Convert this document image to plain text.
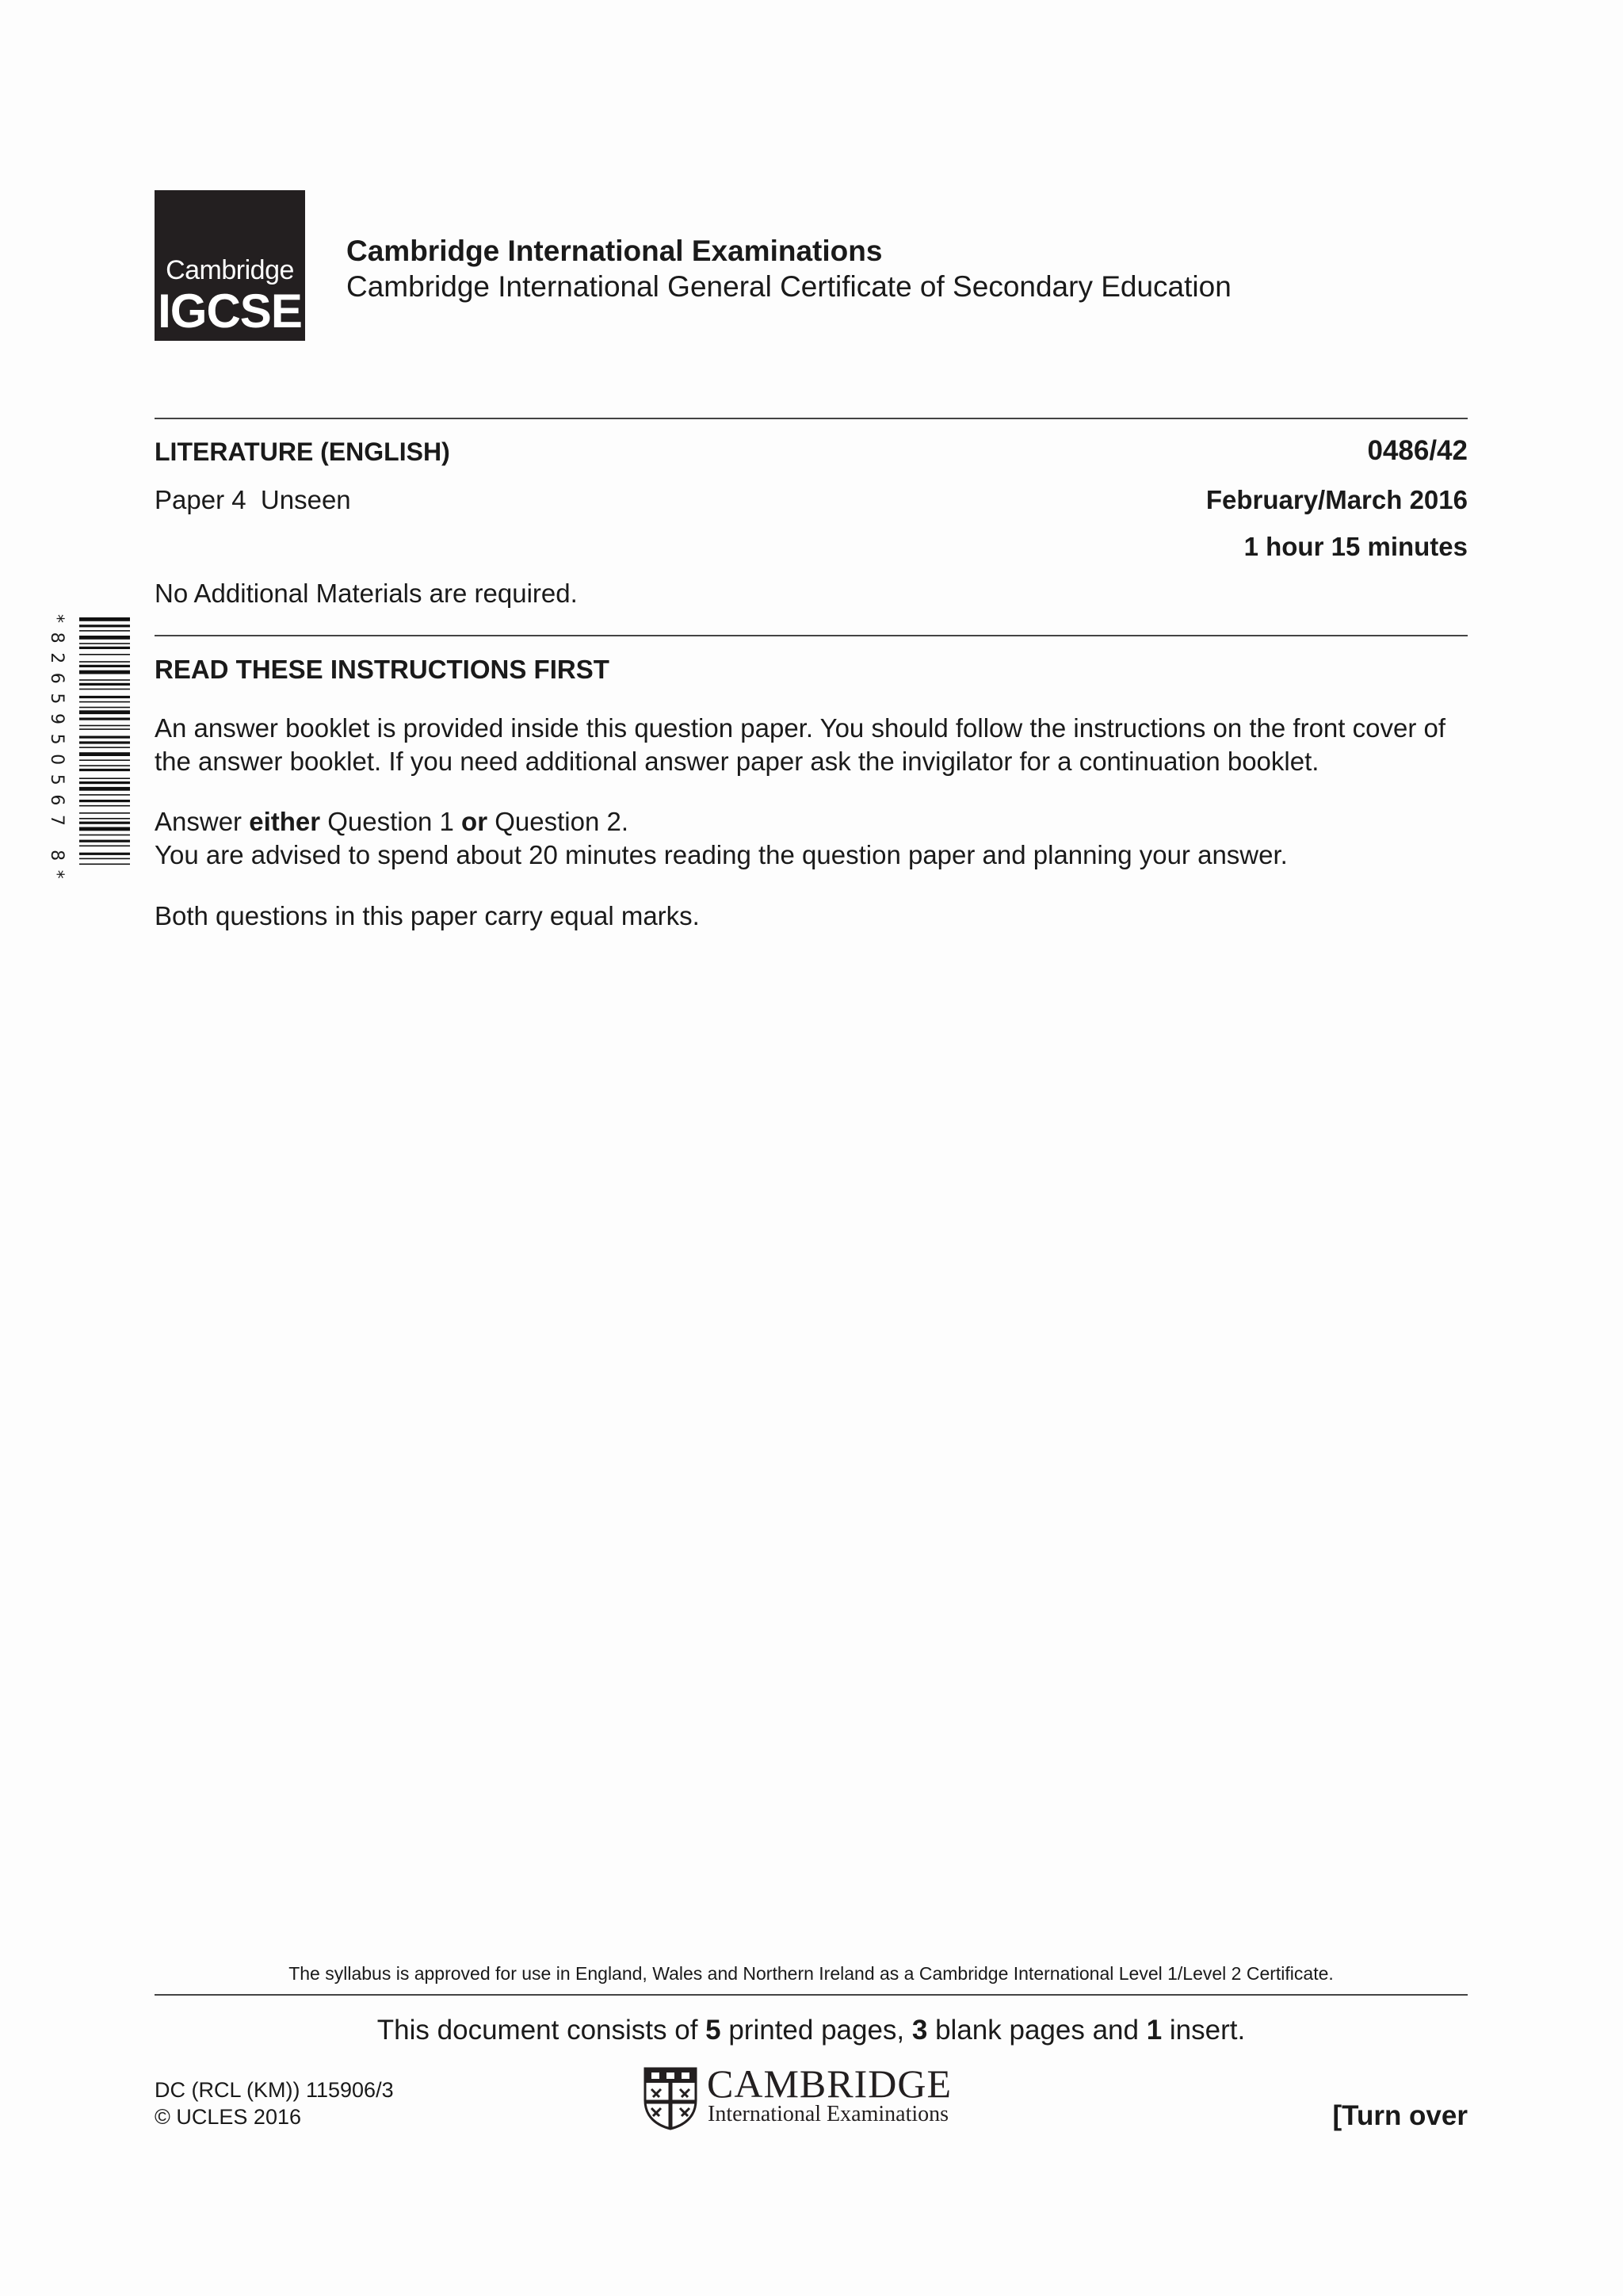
Cambridge
IGCSE
Cambridge International Examinations
Cambridge International General Certificate of Secondary Education
LITERATURE (ENGLISH)
Paper 4  Unseen
0486/42
February/March 2016
1 hour 15 minutes
No Additional Materials are required.
*8265950567 8*	READ THESE INSTRUCTIONS FIRST
An answer booklet is provided inside this question paper. You should follow the instructions on the front cover of the answer booklet. If you need additional answer paper ask the invigilator for a continuation booklet.
Answer either Question 1 or Question 2.
You are advised to spend about 20 minutes reading the question paper and planning your answer.
Both questions in this paper carry equal marks.
The syllabus is approved for use in England, Wales and Northern Ireland as a Cambridge International Level 1/Level 2 Certificate.
This document consists of 5 printed pages, 3 blank pages and 1 insert.
DC (RCL (KM)) 115906/3
© UCLES 2016
CAMBRIDGE
International Examinations	[Turn over
